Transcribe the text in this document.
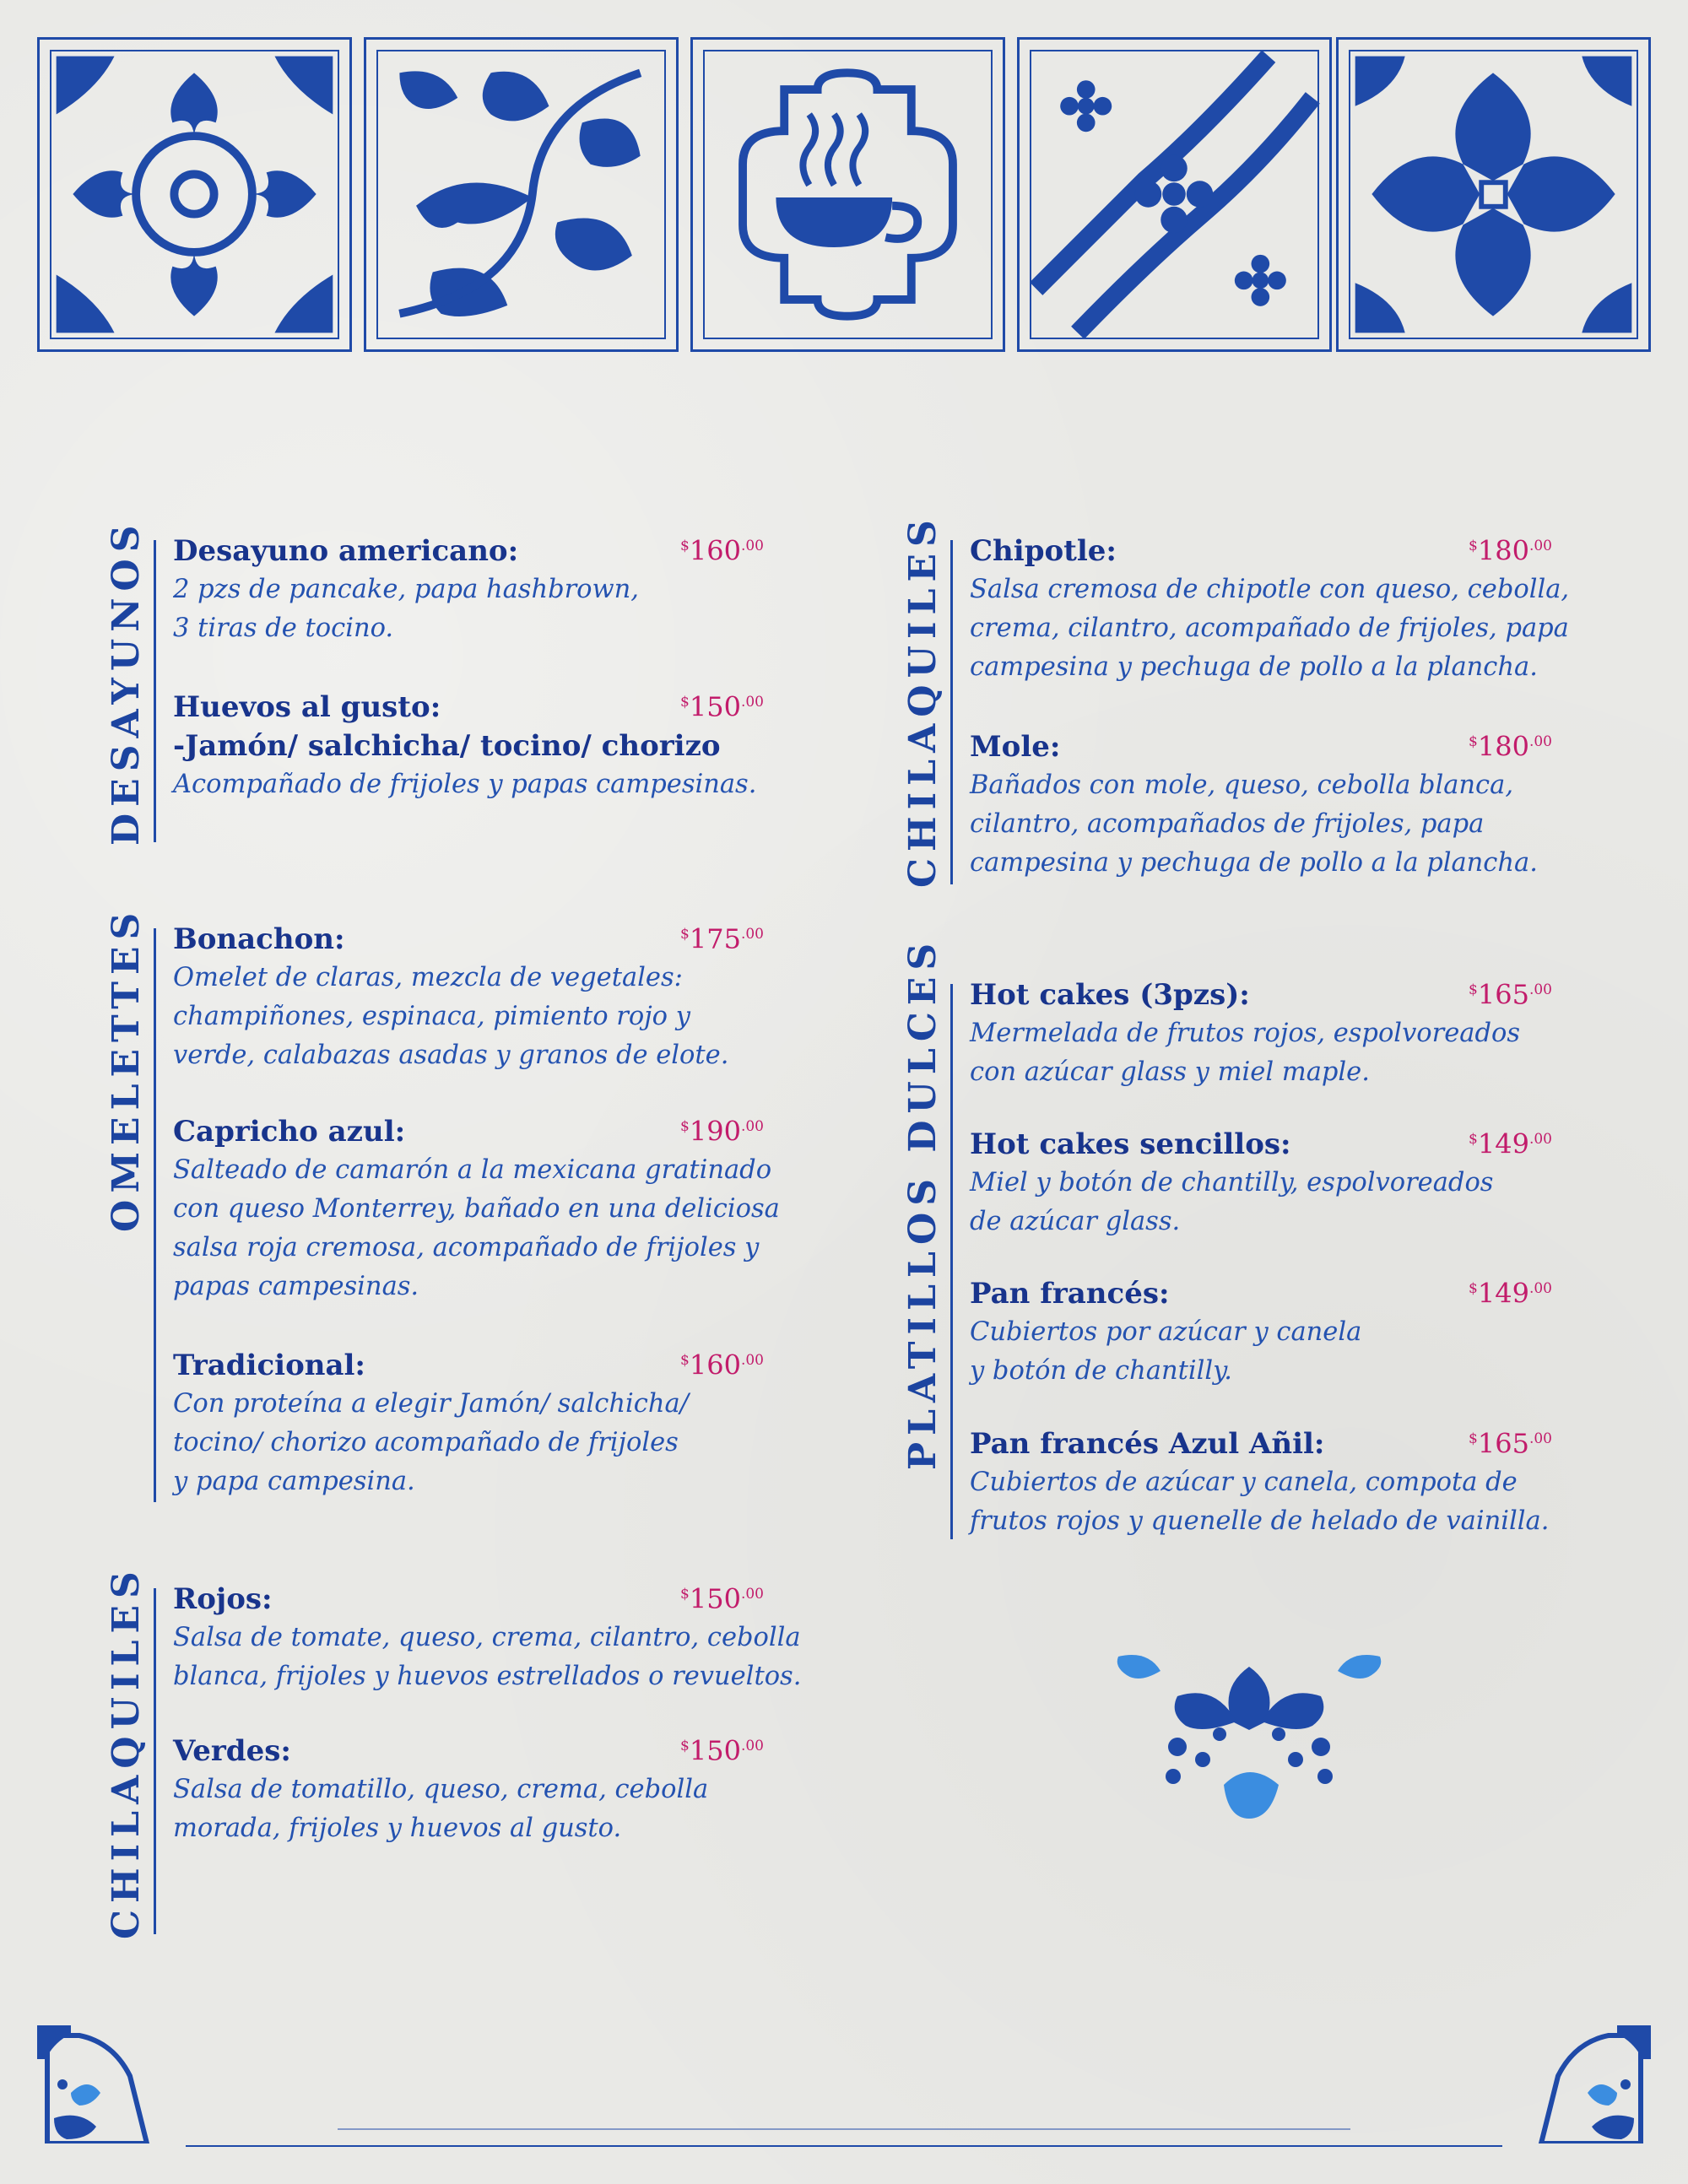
DESAYUNOS Desayuno americano:	$^{\$}160^{.00}$
2 pzs de pancake, papa hashbrown,
3 tiras de tocino.
Huevos al gusto:
-Jamón/ salchicha/ tocino/ chorizo
$^{\$}150^{.00}$
Acompañado de frijoles y papas campesinas.
OMELETTES Bonachon:	$^{\$}175^{.00}$
Omelet de claras, mezcla de vegetales:
champiñones, espinaca, pimiento rojo y
verde, calabazas asadas y granos de elote.
Capricho azul:	$^{\$}190^{.00}$
Salteado de camarón a la mexicana gratinado
con queso Monterrey, bañado en una deliciosa
salsa roja cremosa, acompañado de frijoles y
papas campesinas.
Tradicional:	$^{\$}160^{.00}$
Con proteína a elegir Jamón/ salchicha/
tocino/ chorizo acompañado de frijoles
y papa campesina.
CHILAQUILES Rojos:	$^{\$}150^{.00}$
Salsa de tomate, queso, crema, cilantro, cebolla
blanca, frijoles y huevos estrellados o revueltos.
Verdes:	$^{\$}150^{.00}$
Salsa de tomatillo, queso, crema, cebolla
morada, frijoles y huevos al gusto.
CHILAQUILES Chipotle:	$^{\$}180^{.00}$
Salsa cremosa de chipotle con queso, cebolla,
crema, cilantro, acompañado de frijoles, papa
campesina y pechuga de pollo a la plancha.
Mole:	$^{\$}180^{.00}$
Bañados con mole, queso, cebolla blanca,
cilantro, acompañados de frijoles, papa
campesina y pechuga de pollo a la plancha.
PLATILLOS DULCES Hot cakes (3pzs):	$^{\$}165^{.00}$
Mermelada de frutos rojos, espolvoreados
con azúcar glass y miel maple.
Hot cakes sencillos:	$^{\$}149^{.00}$
Miel y botón de chantilly, espolvoreados
de azúcar glass.
Pan francés:	$^{\$}149^{.00}$
Cubiertos por azúcar y canela
y botón de chantilly.
Pan francés Azul Añil:	$^{\$}165^{.00}$
Cubiertos de azúcar y canela, compota de
frutos rojos y quenelle de helado de vainilla.
